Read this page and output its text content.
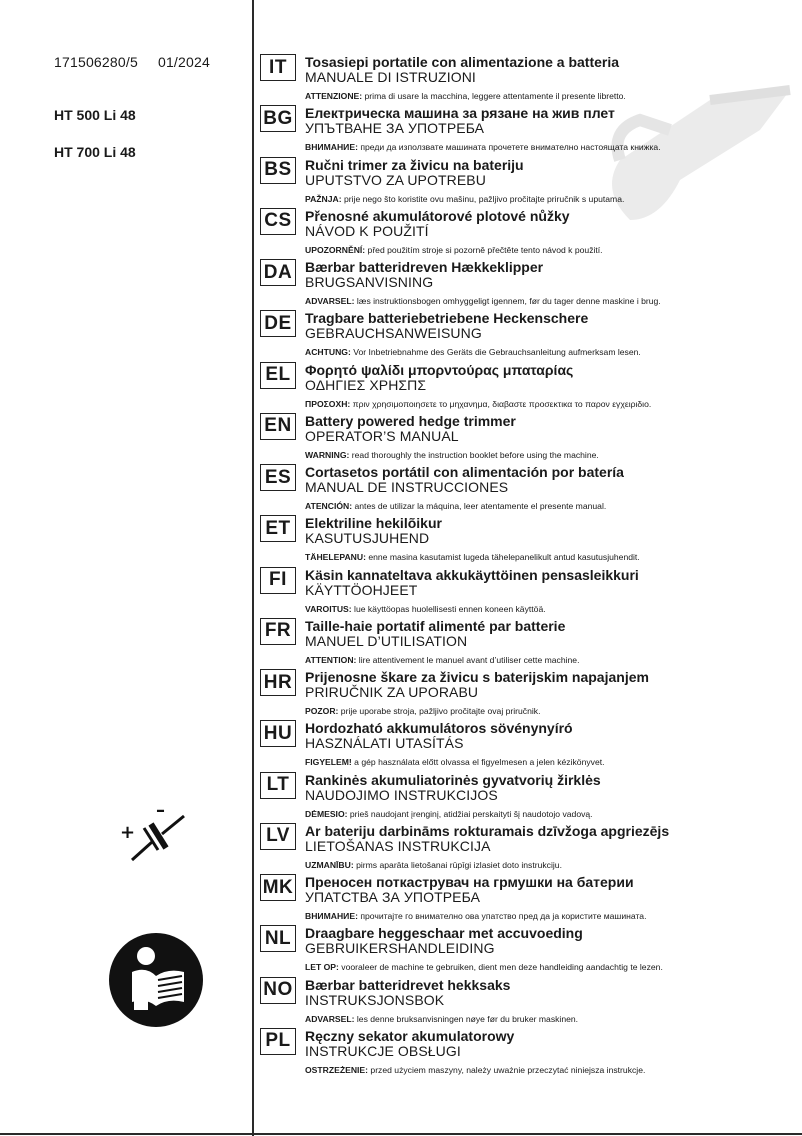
171506280/5 01/2024
HT 500 Li 48
HT 700 Li 48
+
–
IT	Tosasiepi portatile con alimentazione a batteria
MANUALE DI ISTRUZIONI
ATTENZIONE: prima di usare la macchina, leggere attentamente il presente libretto.
BG Електрическа машина за рязане на жив плет
УПЪТВАНЕ ЗА УПОТРЕБА
ВНИМАНИЕ: преди да използвате машината прочетете внимателно настоящата книжка.
BS Ručni trimer za živicu na bateriju
UPUTSTVO ZA UPOTREBU
PAŽNJA: prije nego što koristite ovu mašinu, pažljivo pročitajte priručnik s uputama.
CS Přenosné akumulátorové plotové nůžky
NÁVOD K POUŽITÍ
UPOZORNĚNÍ: před použitím stroje si pozorně přečtěte tento návod k použití.
DA Bærbar batteridreven Hækkeklipper
BRUGSANVISNING
ADVARSEL: læs instruktionsbogen omhyggeligt igennem, før du tager denne maskine i brug.
DE Tragbare batteriebetriebene Heckenschere
GEBRAUCHSANWEISUNG
ACHTUNG: Vor Inbetriebnahme des Geräts die Gebrauchsanleitung aufmerksam lesen.
EL	Φορητό ψαλίδι μπορντούρας μπαταρίας
ΟΔΗΓΙΕΣ ΧΡΗΣΠΣ
ΠΡΟΣΟΧΗ: πριν χρησιμοποιησετε το μηχανημα, διαβαστε προσεκτικα το παρον εγχειριδιο.
EN Battery powered hedge trimmer
OPERATOR’S MANUAL
WARNING: read thoroughly the instruction booklet before using the machine.
ES Cortasetos portátil con alimentación por batería
MANUAL DE INSTRUCCIONES
ATENCIÓN: antes de utilizar la máquina, leer atentamente el presente manual.
ET	Elektriline hekilõikur
KASUTUSJUHEND
TÄHELEPANU: enne masina kasutamist lugeda tähelepanelikult antud kasutusjuhendit.
FI	Käsin kannateltava akkukäyttöinen pensasleikkuri
KÄYTTÖOHJEET
VAROITUS: lue käyttöopas huolellisesti ennen koneen käyttöä.
FR Taille-haie portatif alimenté par batterie
MANUEL D’UTILISATION
ATTENTION: lire attentivement le manuel avant d’utiliser cette machine.
HR Prijenosne škare za živicu s baterijskim napajanjem
PRIRUČNIK ZA UPORABU
POZOR: prije uporabe stroja, pažljivo pročitajte ovaj priručnik.
HU Hordozható akkumulátoros sövénynyíró
HASZNÁLATI UTASÍTÁS
FIGYELEM! a gép használata előtt olvassa el figyelmesen a jelen kézikönyvet.
LT	Rankinės akumuliatorinės gyvatvorių žirklės
NAUDOJIMO INSTRUKCIJOS
DĖMESIO: prieš naudojant įrenginį, atidžiai perskaityti šį naudotojo vadovą.
LV	Ar bateriju darbināms rokturamais dzīvžoga apgriezējs
LIETOŠANAS INSTRUKCIJA
UZMANĪBU: pirms aparāta lietošanai rūpīgi izlasiet doto instrukciju.
MK Преносен поткаструвач на грмушки на батерии
УПАТСТВА ЗА УПОТРЕБА
ВНИМАНИЕ: прочитајте го внимателно ова упатство пред да ја користите машината.
NL Draagbare heggeschaar met accuvoeding
GEBRUIKERSHANDLEIDING
LET OP: vooraleer de machine te gebruiken, dient men deze handleiding aandachtig te lezen.
NO Bærbar batteridrevet hekksaks
INSTRUKSJONSBOK
ADVARSEL: les denne bruksanvisningen nøye før du bruker maskinen.
PL	Ręczny sekator akumulatorowy
INSTRUKCJE OBSŁUGI
OSTRZEŻENIE: przed użyciem maszyny, należy uważnie przeczytać niniejsza instrukcje.
